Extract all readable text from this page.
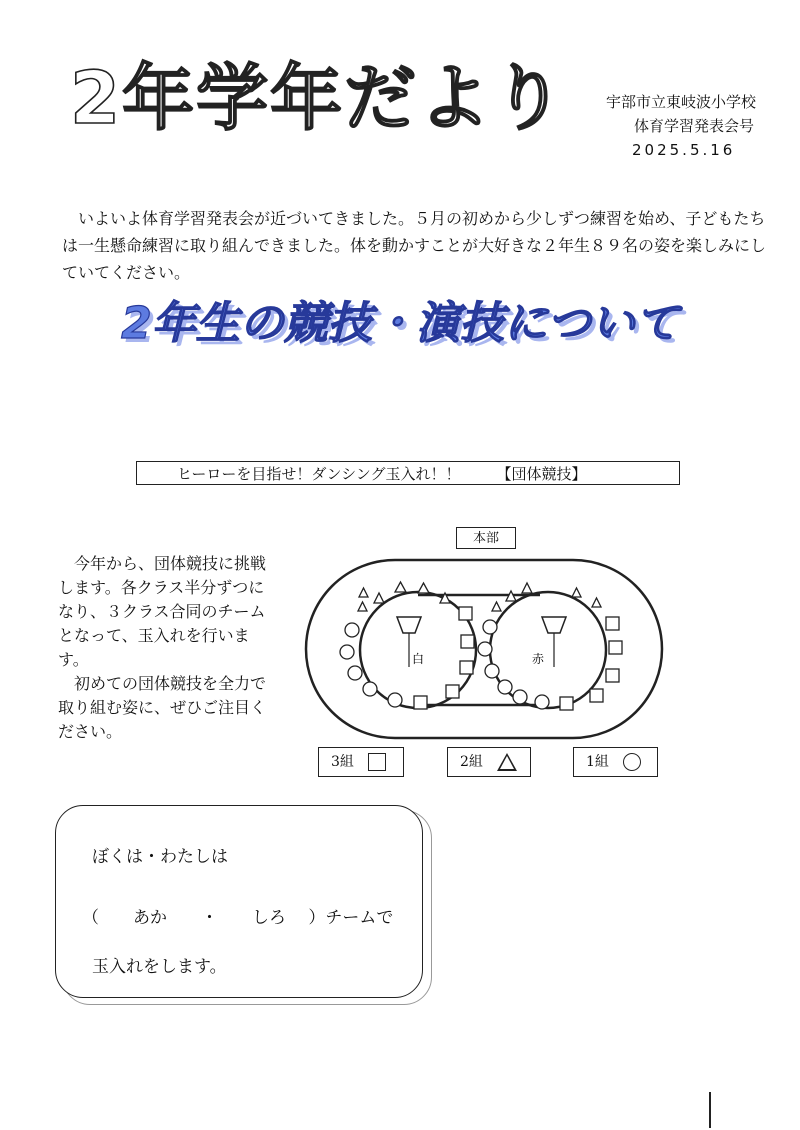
2年学年だより	宇部市立東岐波小学校
体育学習発表会号
2025.5.16
いよいよ体育学習発表会が近づいてきました。５月の初めから少しずつ練習を始め、子どもたちは一生懸命練習に取り組んできました。体を動かすことが大好きな２年生８９名の姿を楽しみにしていてください。
2年生の競技・演技について
ヒーローを目指せ！ダンシング玉入れ！！ 【団体競技】

今年から、団体競技に挑戦します。各クラス半分ずつになり、３クラス合同のチームとなって、玉入れを行います。

初めての団体競技を全力で取り組む姿に、ぜひご注目ください。

本部
白	赤
3組	2組	1組
ぼくは・わたしは
（　　あか　　・　　しろ　 ）チームで
玉入れをします。
